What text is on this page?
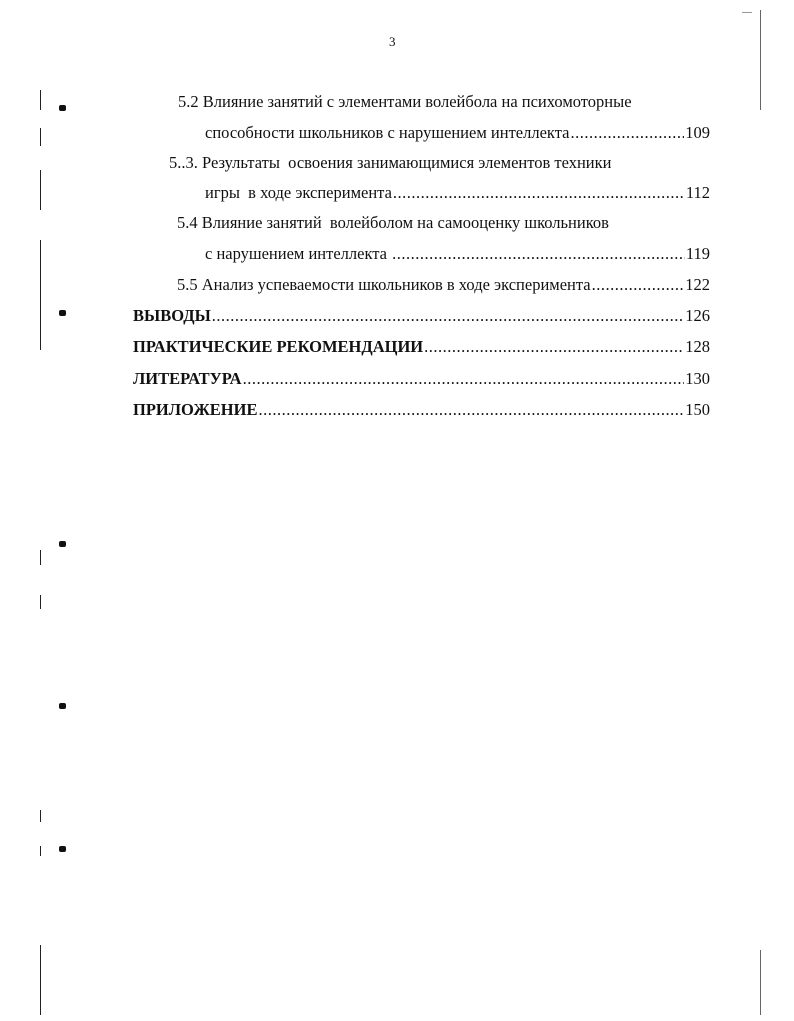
3
5.2 Влияние занятий с элементами волейбола на психомоторные
способности школьников с нарушением интеллекта .....	109
5..3. Результаты  освоения занимающимися элементов техники
игры  в ходе эксперимента .....	112
5.4 Влияние занятий  волейболом на самооценку школьников
с нарушением интеллекта .....	119
5.5 Анализ успеваемости школьников в ходе эксперимента .....	122
ВЫВОДЫ .....	126
ПРАКТИЧЕСКИЕ РЕКОМЕНДАЦИИ .....	128
ЛИТЕРАТУРА .....	130
ПРИЛОЖЕНИЕ .....	150
